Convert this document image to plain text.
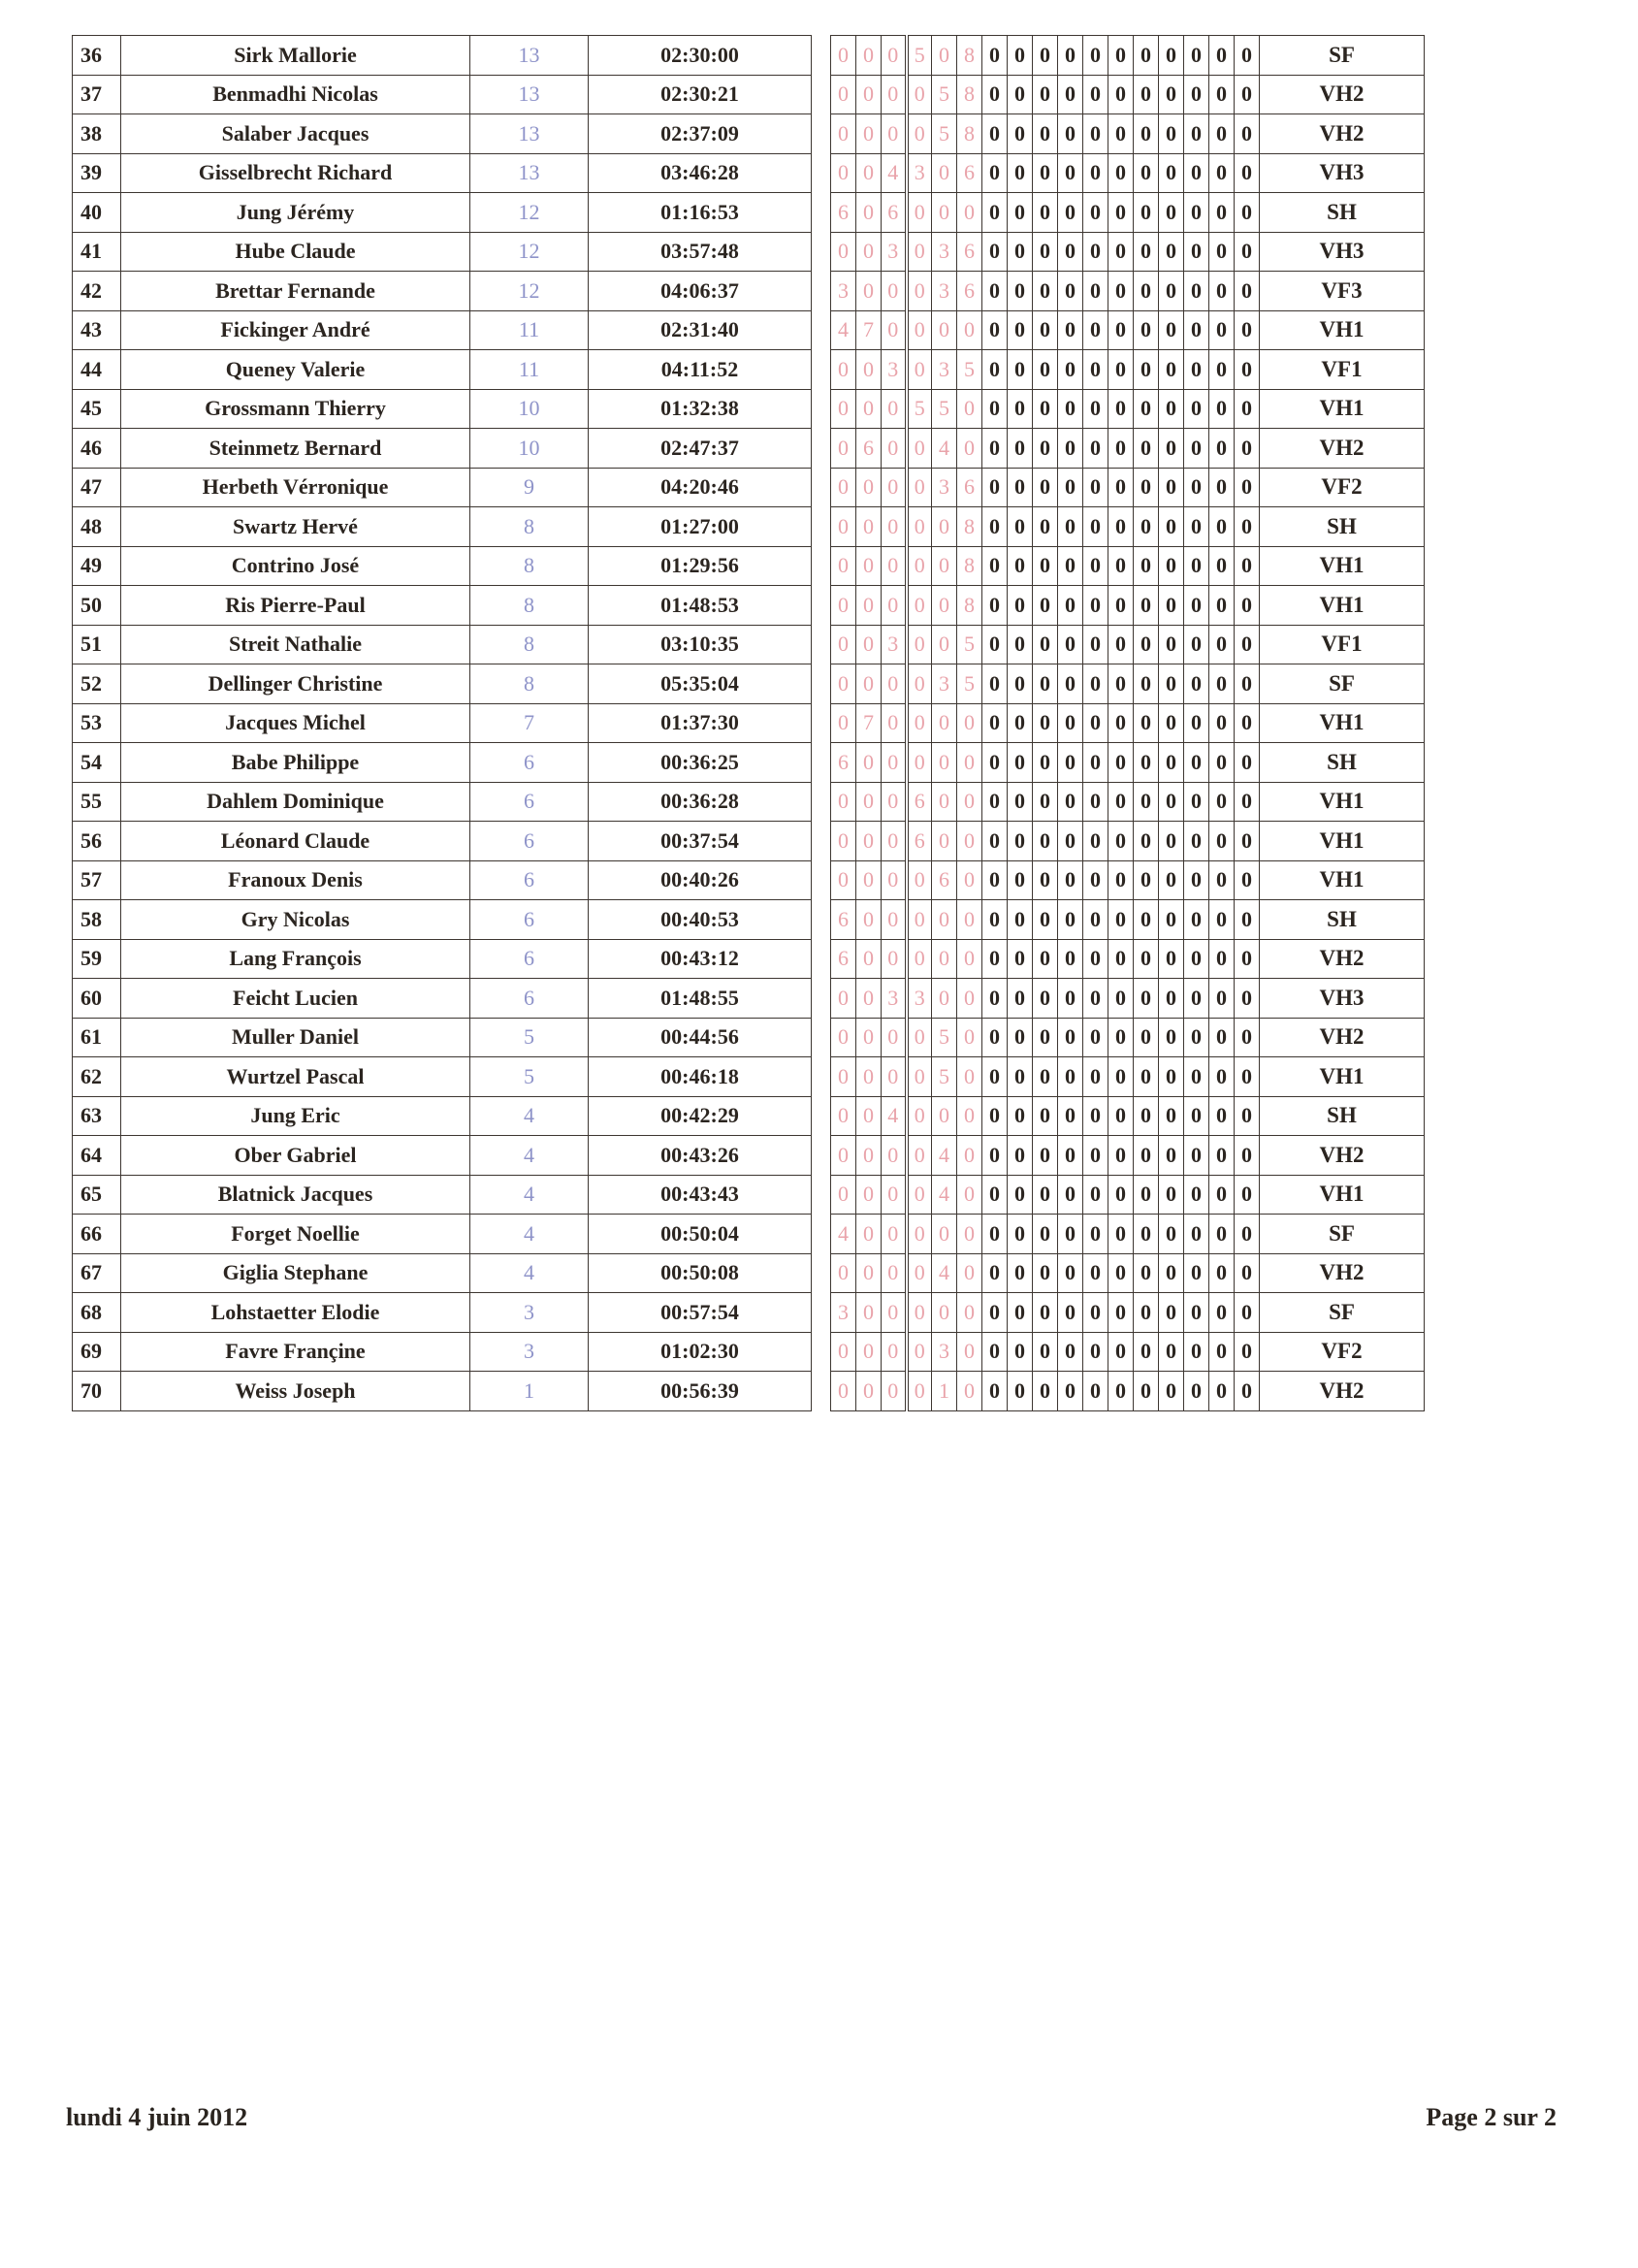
36	Sirk Mallorie	13	02:30:00		0	0	0	5	0	8	0	0	0	0	0	0	0	0	0	0	0	SF
37	Benmadhi Nicolas	13	02:30:21		0	0	0	0	5	8	0	0	0	0	0	0	0	0	0	0	0	VH2
38	Salaber Jacques	13	02:37:09		0	0	0	0	5	8	0	0	0	0	0	0	0	0	0	0	0	VH2
39	Gisselbrecht Richard	13	03:46:28		0	0	4	3	0	6	0	0	0	0	0	0	0	0	0	0	0	VH3
40	Jung Jérémy	12	01:16:53		6	0	6	0	0	0	0	0	0	0	0	0	0	0	0	0	0	SH
41	Hube Claude	12	03:57:48		0	0	3	0	3	6	0	0	0	0	0	0	0	0	0	0	0	VH3
42	Brettar Fernande	12	04:06:37		3	0	0	0	3	6	0	0	0	0	0	0	0	0	0	0	0	VF3
43	Fickinger André	11	02:31:40		4	7	0	0	0	0	0	0	0	0	0	0	0	0	0	0	0	VH1
44	Queney Valerie	11	04:11:52		0	0	3	0	3	5	0	0	0	0	0	0	0	0	0	0	0	VF1
45	Grossmann Thierry	10	01:32:38		0	0	0	5	5	0	0	0	0	0	0	0	0	0	0	0	0	VH1
46	Steinmetz Bernard	10	02:47:37		0	6	0	0	4	0	0	0	0	0	0	0	0	0	0	0	0	VH2
47	Herbeth Vérronique	9	04:20:46		0	0	0	0	3	6	0	0	0	0	0	0	0	0	0	0	0	VF2
48	Swartz Hervé	8	01:27:00		0	0	0	0	0	8	0	0	0	0	0	0	0	0	0	0	0	SH
49	Contrino José	8	01:29:56		0	0	0	0	0	8	0	0	0	0	0	0	0	0	0	0	0	VH1
50	Ris Pierre-Paul	8	01:48:53		0	0	0	0	0	8	0	0	0	0	0	0	0	0	0	0	0	VH1
51	Streit Nathalie	8	03:10:35		0	0	3	0	0	5	0	0	0	0	0	0	0	0	0	0	0	VF1
52	Dellinger Christine	8	05:35:04		0	0	0	0	3	5	0	0	0	0	0	0	0	0	0	0	0	SF
53	Jacques Michel	7	01:37:30		0	7	0	0	0	0	0	0	0	0	0	0	0	0	0	0	0	VH1
54	Babe Philippe	6	00:36:25		6	0	0	0	0	0	0	0	0	0	0	0	0	0	0	0	0	SH
55	Dahlem Dominique	6	00:36:28		0	0	0	6	0	0	0	0	0	0	0	0	0	0	0	0	0	VH1
56	Léonard Claude	6	00:37:54		0	0	0	6	0	0	0	0	0	0	0	0	0	0	0	0	0	VH1
57	Franoux Denis	6	00:40:26		0	0	0	0	6	0	0	0	0	0	0	0	0	0	0	0	0	VH1
58	Gry Nicolas	6	00:40:53		6	0	0	0	0	0	0	0	0	0	0	0	0	0	0	0	0	SH
59	Lang François	6	00:43:12		6	0	0	0	0	0	0	0	0	0	0	0	0	0	0	0	0	VH2
60	Feicht Lucien	6	01:48:55		0	0	3	3	0	0	0	0	0	0	0	0	0	0	0	0	0	VH3
61	Muller Daniel	5	00:44:56		0	0	0	0	5	0	0	0	0	0	0	0	0	0	0	0	0	VH2
62	Wurtzel Pascal	5	00:46:18		0	0	0	0	5	0	0	0	0	0	0	0	0	0	0	0	0	VH1
63	Jung Eric	4	00:42:29		0	0	4	0	0	0	0	0	0	0	0	0	0	0	0	0	0	SH
64	Ober Gabriel	4	00:43:26		0	0	0	0	4	0	0	0	0	0	0	0	0	0	0	0	0	VH2
65	Blatnick Jacques	4	00:43:43		0	0	0	0	4	0	0	0	0	0	0	0	0	0	0	0	0	VH1
66	Forget Noellie	4	00:50:04		4	0	0	0	0	0	0	0	0	0	0	0	0	0	0	0	0	SF
67	Giglia Stephane	4	00:50:08		0	0	0	0	4	0	0	0	0	0	0	0	0	0	0	0	0	VH2
68	Lohstaetter Elodie	3	00:57:54		3	0	0	0	0	0	0	0	0	0	0	0	0	0	0	0	0	SF
69	Favre Françine	3	01:02:30		0	0	0	0	3	0	0	0	0	0	0	0	0	0	0	0	0	VF2
70	Weiss Joseph	1	00:56:39		0	0	0	0	1	0	0	0	0	0	0	0	0	0	0	0	0	VH2
lundi 4 juin 2012	Page 2 sur 2
